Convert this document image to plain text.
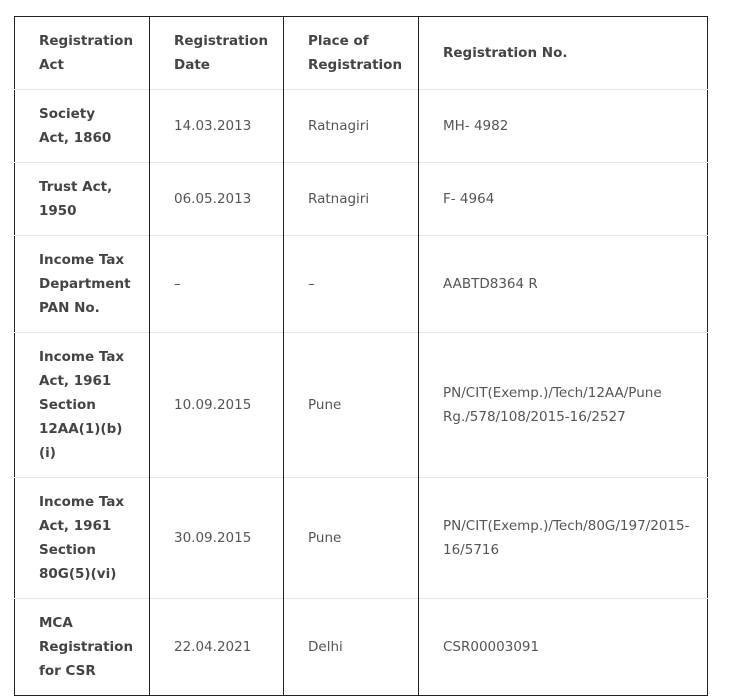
Registration Act	Registration Date	Place of Registration	Registration No.
Society Act, 1860	14.03.2013	Ratnagiri	MH- 4982
Trust Act, 1950	06.05.2013	Ratnagiri	F- 4964
Income Tax Department PAN No.	–	–	AABTD8364 R
Income Tax Act, 1961 Section 12AA(1)(b)(i)	10.09.2015	Pune	PN/CIT(Exemp.)/Tech/12AA/Pune Rg./578/108/2015-16/2527
Income Tax Act, 1961 Section 80G(5)(vi)	30.09.2015	Pune	PN/CIT(Exemp.)/Tech/80G/197/2015-16/5716
MCA Registration for CSR	22.04.2021	Delhi	CSR00003091
